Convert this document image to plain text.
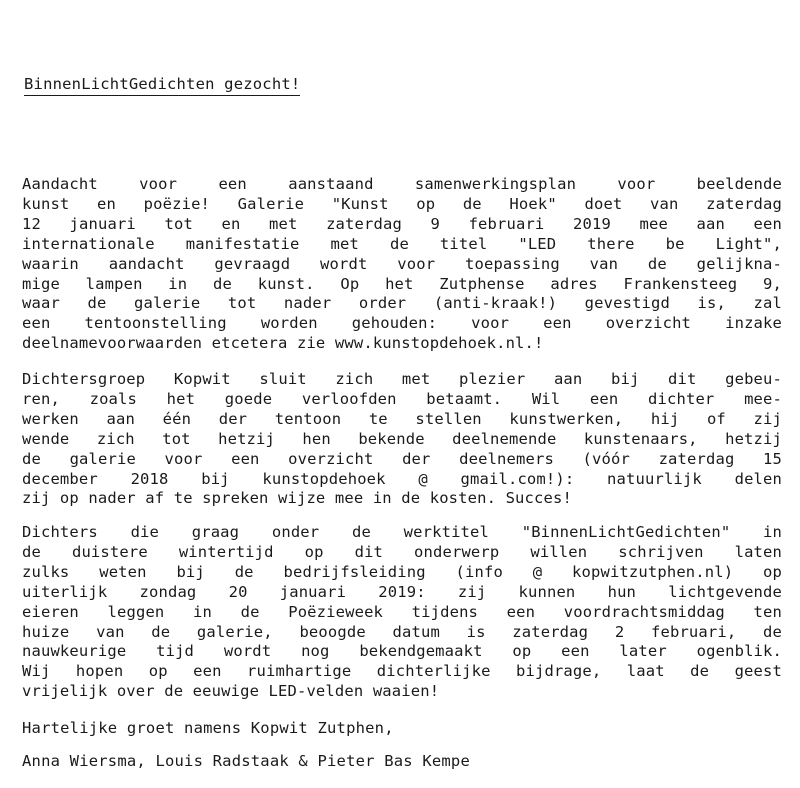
BinnenLichtGedichten gezocht!
Aandacht voor een aanstaand samenwerkingsplan voor beeldende
kunst en poëzie! Galerie "Kunst op de Hoek" doet van zaterdag
12 januari tot en met zaterdag 9 februari 2019 mee aan een
internationale manifestatie met de titel "LED there be Light",
waarin aandacht gevraagd wordt voor toepassing van de gelijkna-
mige lampen in de kunst. Op het Zutphense adres Frankensteeg 9,
waar de galerie tot nader order (anti-kraak!) gevestigd is, zal
een tentoonstelling worden gehouden: voor een overzicht inzake
deelnamevoorwaarden etcetera zie www.kunstopdehoek.nl.!
Dichtersgroep Kopwit sluit zich met plezier aan bij dit gebeu-
ren, zoals het goede verloofden betaamt. Wil een dichter mee-
werken aan één der tentoon te stellen kunstwerken, hij of zij
wende zich tot hetzij hen bekende deelnemende kunstenaars, hetzij
de galerie voor een overzicht der deelnemers (vóór zaterdag 15
december 2018 bij kunstopdehoek @ gmail.com!): natuurlijk delen
zij op nader af te spreken wijze mee in de kosten. Succes!
Dichters die graag onder de werktitel "BinnenLichtGedichten" in
de duistere wintertijd op dit onderwerp willen schrijven laten
zulks weten bij de bedrijfsleiding (info @ kopwitzutphen.nl) op
uiterlijk zondag 20 januari 2019: zij kunnen hun lichtgevende
eieren leggen in de Poëzieweek tijdens een voordrachtsmiddag ten
huize van de galerie, beoogde datum is zaterdag 2 februari, de
nauwkeurige tijd wordt nog bekendgemaakt op een later ogenblik.
Wij hopen op een ruimhartige dichterlijke bijdrage, laat de geest
vrijelijk over de eeuwige LED-velden waaien!
Hartelijke groet namens Kopwit Zutphen,
Anna Wiersma, Louis Radstaak & Pieter Bas Kempe
